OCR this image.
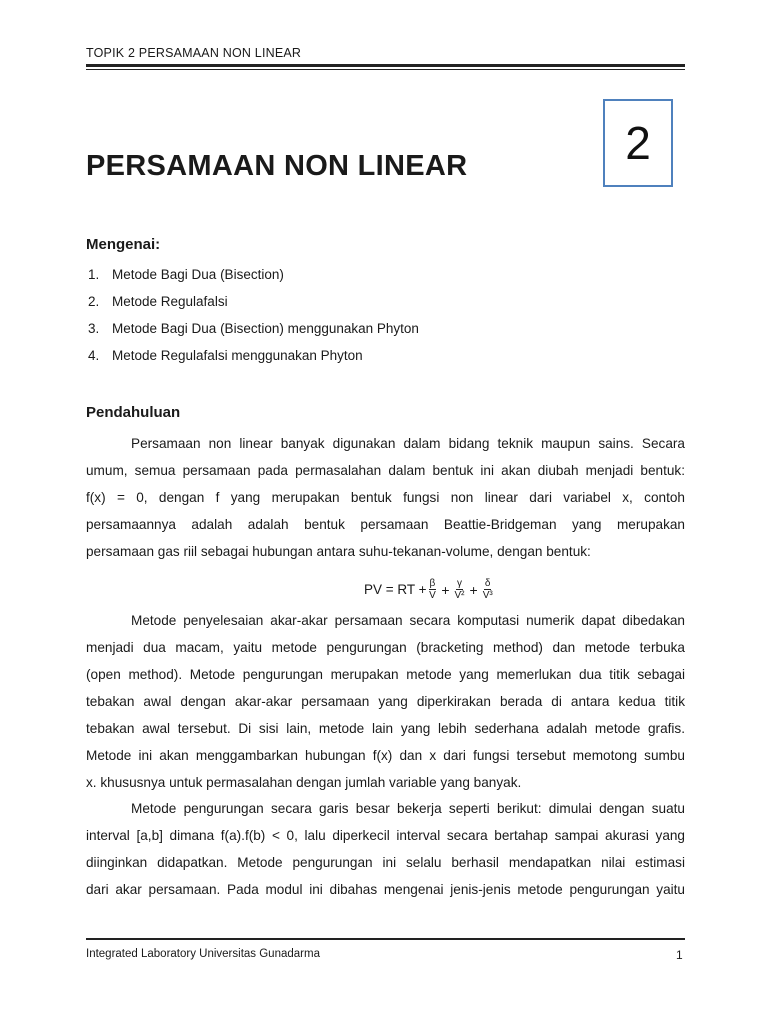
TOPIK 2 PERSAMAAN NON LINEAR
2
PERSAMAAN NON LINEAR
Mengenai:
1. Metode Bagi Dua (Bisection)
2. Metode Regulafalsi
3. Metode Bagi Dua (Bisection) menggunakan Phyton
4. Metode Regulafalsi menggunakan Phyton
Pendahuluan
Persamaan non linear banyak digunakan dalam bidang teknik maupun sains. Secara
umum, semua persamaan pada permasalahan dalam bentuk ini akan diubah menjadi bentuk:
f(x) = 0, dengan f yang merupakan bentuk fungsi non linear dari variabel x, contoh
persamaannya adalah adalah bentuk persamaan Beattie-Bridgeman yang merupakan
persamaan gas riil sebagai hubungan antara suhu-tekanan-volume, dengan bentuk:
PV = RT + $\frac{\beta}{V} + \frac{\gamma}{\text{V²}} + \frac{\delta}{\text{V³}}$
Metode penyelesaian akar-akar persamaan secara komputasi numerik dapat dibedakan
menjadi dua macam, yaitu metode pengurungan (bracketing method) dan metode terbuka
(open method). Metode pengurungan merupakan metode yang memerlukan dua titik sebagai
tebakan awal dengan akar-akar persamaan yang diperkirakan berada di antara kedua titik
tebakan awal tersebut. Di sisi lain, metode lain yang lebih sederhana adalah metode grafis.
Metode ini akan menggambarkan hubungan f(x) dan x dari fungsi tersebut memotong sumbu
x. khususnya untuk permasalahan dengan jumlah variable yang banyak.
Metode pengurungan secara garis besar bekerja seperti berikut: dimulai dengan suatu
interval [a,b] dimana f(a).f(b) < 0, lalu diperkecil interval secara bertahap sampai akurasi yang
diinginkan didapatkan. Metode pengurungan ini selalu berhasil mendapatkan nilai estimasi
dari akar persamaan. Pada modul ini dibahas mengenai jenis-jenis metode pengurungan yaitu
Integrated Laboratory Universitas Gunadarma	1
